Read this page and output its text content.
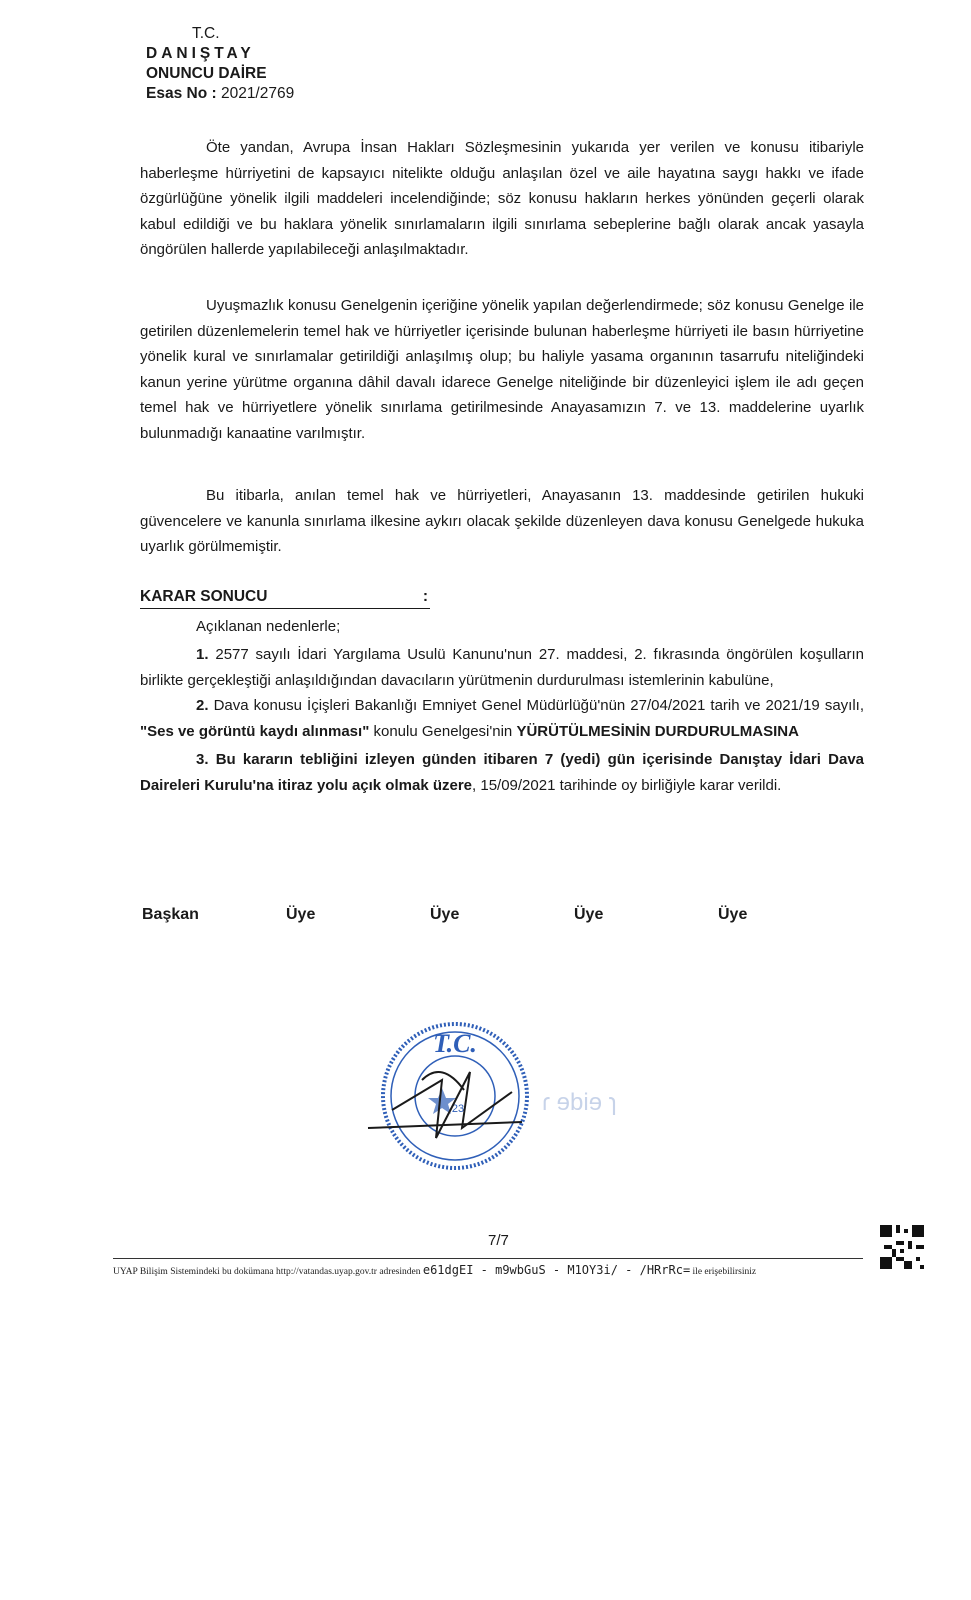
T.C.
DANIŞTAY
ONUNCU DAİRE
Esas No : 2021/2769

Öte yandan, Avrupa İnsan Hakları Sözleşmesinin yukarıda yer verilen ve konusu itibariyle haberleşme hürriyetini de kapsayıcı nitelikte olduğu anlaşılan özel ve aile hayatına saygı hakkı ve ifade özgürlüğüne yönelik ilgili maddeleri incelendiğinde; söz konusu hakların herkes yönünden geçerli olarak kabul edildiği ve bu haklara yönelik sınırlamaların ilgili sınırlama sebeplerine bağlı olarak ancak yasayla öngörülen hallerde yapılabileceği anlaşılmaktadır.

Uyuşmazlık konusu Genelgenin içeriğine yönelik yapılan değerlendirmede; söz konusu Genelge ile getirilen düzenlemelerin temel hak ve hürriyetler içerisinde bulunan haberleşme hürriyeti ile basın hürriyetine yönelik kural ve sınırlamalar getirildiği anlaşılmış olup; bu haliyle yasama organının tasarrufu niteliğindeki kanun yerine yürütme organına dâhil davalı idarece Genelge niteliğinde bir düzenleyici işlem ile adı geçen temel hak ve hürriyetlere yönelik sınırlama getirilmesinde Anayasamızın 7. ve 13. maddelerine uyarlık bulunmadığı kanaatine varılmıştır.

Bu itibarla, anılan temel hak ve hürriyetleri, Anayasanın 13. maddesinde getirilen hukuki güvencelere ve kanunla sınırlama ilkesine aykırı olacak şekilde düzenleyen dava konusu Genelgede hukuka uyarlık görülmemiştir.

KARAR SONUCU	:
Açıklanan nedenlerle;

1. 2577 sayılı İdari Yargılama Usulü Kanunu'nun 27. maddesi, 2. fıkrasında öngörülen koşulların birlikte gerçekleştiği anlaşıldığından davacıların yürütmenin durdurulması istemlerinin kabulüne,

2. Dava konusu İçişleri Bakanlığı Emniyet Genel Müdürlüğü'nün 27/04/2021 tarih ve 2021/19 sayılı, "Ses ve görüntü kaydı alınması" konulu Genelgesi'nin YÜRÜTÜLMESİNİN DURDURULMASINA

3. Bu kararın tebliğini izleyen günden itibaren 7 (yedi) gün içerisinde Danıştay İdari Dava Daireleri Kurulu'na itiraz yolu açık olmak üzere, 15/09/2021 tarihinde oy birliğiyle karar verildi.

Başkan	Üye	Üye	Üye	Üye
T.C.
23	ɾ ɘbiɘ ɿ
7/7
UYAP Bilişim Sistemindeki bu dokümana http://vatandas.uyap.gov.tr adresinden e61dgEI - m9wbGuS - M1OY3i/ - /HRrRc= ile erişebilirsiniz
